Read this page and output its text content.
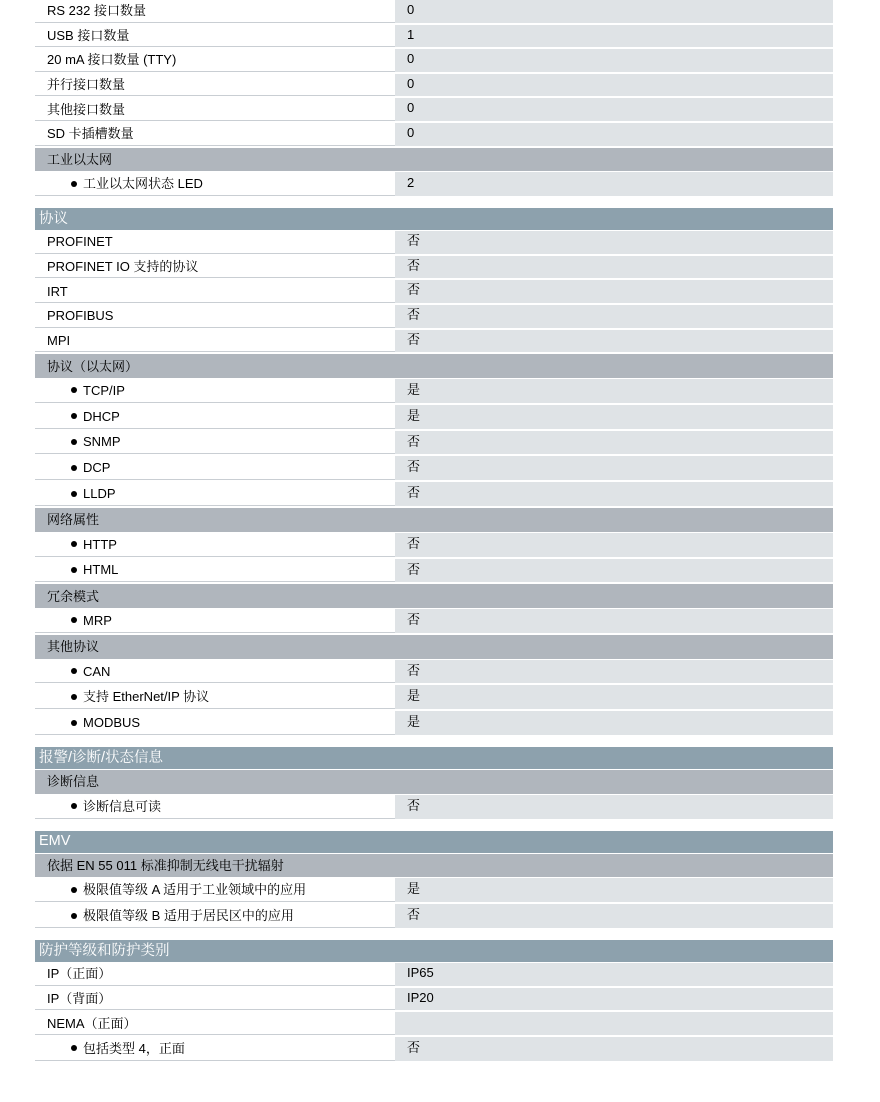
RS 232 接口数量	0
USB 接口数量	1
20 mA 接口数量 (TTY)	0
并行接口数量	0
其他接口数量	0
SD 卡插槽数量	0
工业以太网
工业以太网状态 LED	2
协议
PROFINET	否
PROFINET IO 支持的协议	否
IRT	否
PROFIBUS	否
MPI	否
协议（以太网）
TCP/IP	是
DHCP	是
SNMP	否
DCP	否
LLDP	否
网络属性
HTTP	否
HTML	否
冗余模式
MRP	否
其他协议
CAN	否
支持 EtherNet/IP 协议	是
MODBUS	是
报警/诊断/状态信息
诊断信息
诊断信息可读	否
EMV
依据 EN 55 011 标准抑制无线电干扰辐射
极限值等级 A 适用于工业领域中的应用	是
极限值等级 B 适用于居民区中的应用	否
防护等级和防护类别
IP（正面）	IP65
IP（背面）	IP20
NEMA（正面）
包括类型 4，正面	否
